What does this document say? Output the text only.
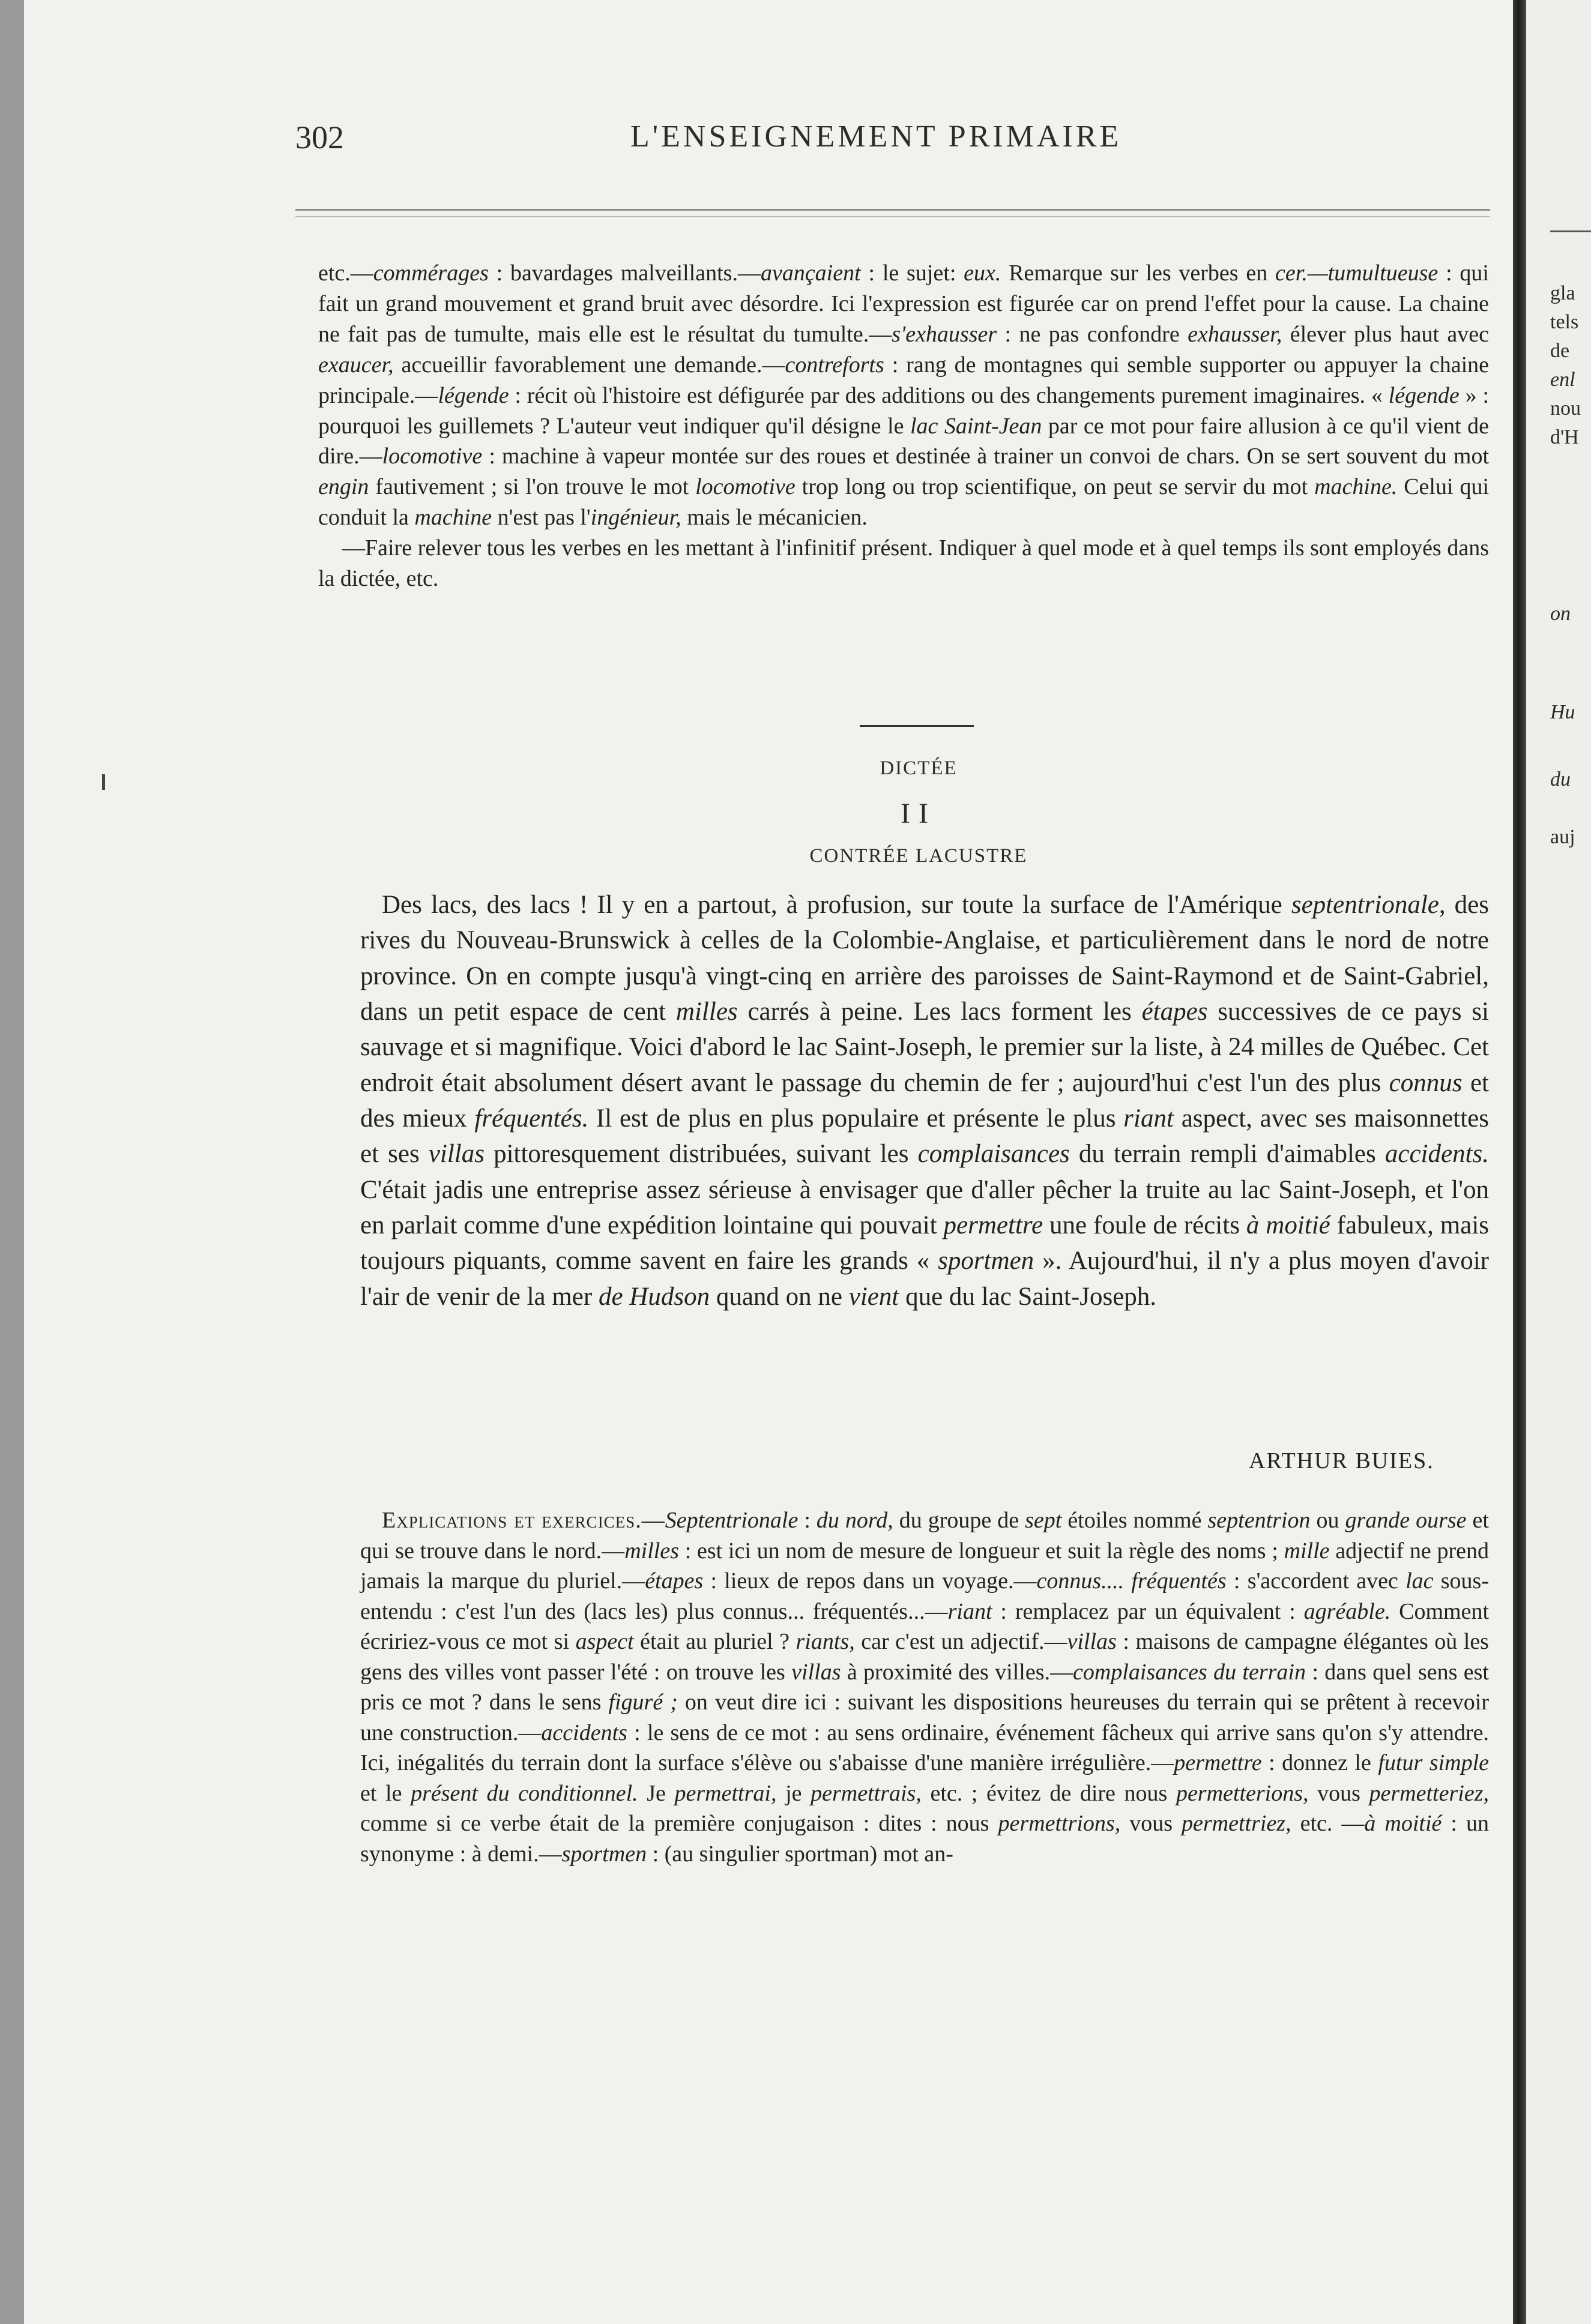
302	L'ENSEIGNEMENT PRIMAIRE

etc.—commérages : bavardages malveillants.—avançaient : le sujet: eux. Remarque sur les verbes en cer.—tumultueuse : qui fait un grand mouvement et grand bruit avec désordre. Ici l'expression est figurée car on prend l'effet pour la cause. La chaine ne fait pas de tumulte, mais elle est le résultat du tumulte.—s'exhausser : ne pas confondre exhausser, élever plus haut avec exaucer, accueillir favorablement une demande.—contreforts : rang de montagnes qui semble supporter ou appuyer la chaine principale.—légende : récit où l'histoire est défigurée par des additions ou des changements purement imaginaires. « légende » : pourquoi les guillemets ? L'auteur veut indiquer qu'il désigne le lac Saint-Jean par ce mot pour faire allusion à ce qu'il vient de dire.—locomotive : machine à vapeur montée sur des roues et destinée à trainer un convoi de chars. On se sert souvent du mot engin fautivement ; si l'on trouve le mot locomotive trop long ou trop scientifique, on peut se servir du mot machine. Celui qui conduit la machine n'est pas l'ingénieur, mais le mécanicien.

—Faire relever tous les verbes en les mettant à l'infinitif présent. Indiquer à quel mode et à quel temps ils sont employés dans la dictée, etc.

DICTÉE
II
CONTRÉE LACUSTRE

Des lacs, des lacs ! Il y en a partout, à profusion, sur toute la surface de l'Amérique septentrionale, des rives du Nouveau-Brunswick à celles de la Colombie-Anglaise, et particulièrement dans le nord de notre province. On en compte jusqu'à vingt-cinq en arrière des paroisses de Saint-Raymond et de Saint-Gabriel, dans un petit espace de cent milles carrés à peine. Les lacs forment les étapes successives de ce pays si sauvage et si magnifique. Voici d'abord le lac Saint-Joseph, le premier sur la liste, à 24 milles de Québec. Cet endroit était absolument désert avant le passage du chemin de fer ; aujourd'hui c'est l'un des plus connus et des mieux fréquentés. Il est de plus en plus populaire et présente le plus riant aspect, avec ses maisonnettes et ses villas pittoresquement distribuées, suivant les complaisances du terrain rempli d'aimables accidents. C'était jadis une entreprise assez sérieuse à envisager que d'aller pêcher la truite au lac Saint-Joseph, et l'on en parlait comme d'une expédition lointaine qui pouvait permettre une foule de récits à moitié fabuleux, mais toujours piquants, comme savent en faire les grands « sportmen ». Aujourd'hui, il n'y a plus moyen d'avoir l'air de venir de la mer de Hudson quand on ne vient que du lac Saint-Joseph.

ARTHUR BUIES.

Explications et exercices.—Septentrionale : du nord, du groupe de sept étoiles nommé septentrion ou grande ourse et qui se trouve dans le nord.—milles : est ici un nom de mesure de longueur et suit la règle des noms ; mille adjectif ne prend jamais la marque du pluriel.—étapes : lieux de repos dans un voyage.—connus.... fréquentés : s'accordent avec lac sous-entendu : c'est l'un des (lacs les) plus connus... fréquentés...—riant : remplacez par un équivalent : agréable. Comment écririez-vous ce mot si aspect était au pluriel ? riants, car c'est un adjectif.—villas : maisons de campagne élégantes où les gens des villes vont passer l'été : on trouve les villas à proximité des villes.—complaisances du terrain : dans quel sens est pris ce mot ? dans le sens figuré ; on veut dire ici : suivant les dispositions heureuses du terrain qui se prêtent à recevoir une construction.—accidents : le sens de ce mot : au sens ordinaire, événement fâcheux qui arrive sans qu'on s'y attendre. Ici, inégalités du terrain dont la surface s'élève ou s'abaisse d'une manière irrégulière.—permettre : donnez le futur simple et le présent du conditionnel. Je permettrai, je permettrais, etc. ; évitez de dire nous permetterions, vous permetteriez, comme si ce verbe était de la première conjugaison : dites : nous permettrions, vous permettriez, etc. —à moitié : un synonyme : à demi.—sportmen : (au singulier sportman) mot an-

gla
tels
de
enl
nou
d'H
on
Hu
du
auj
